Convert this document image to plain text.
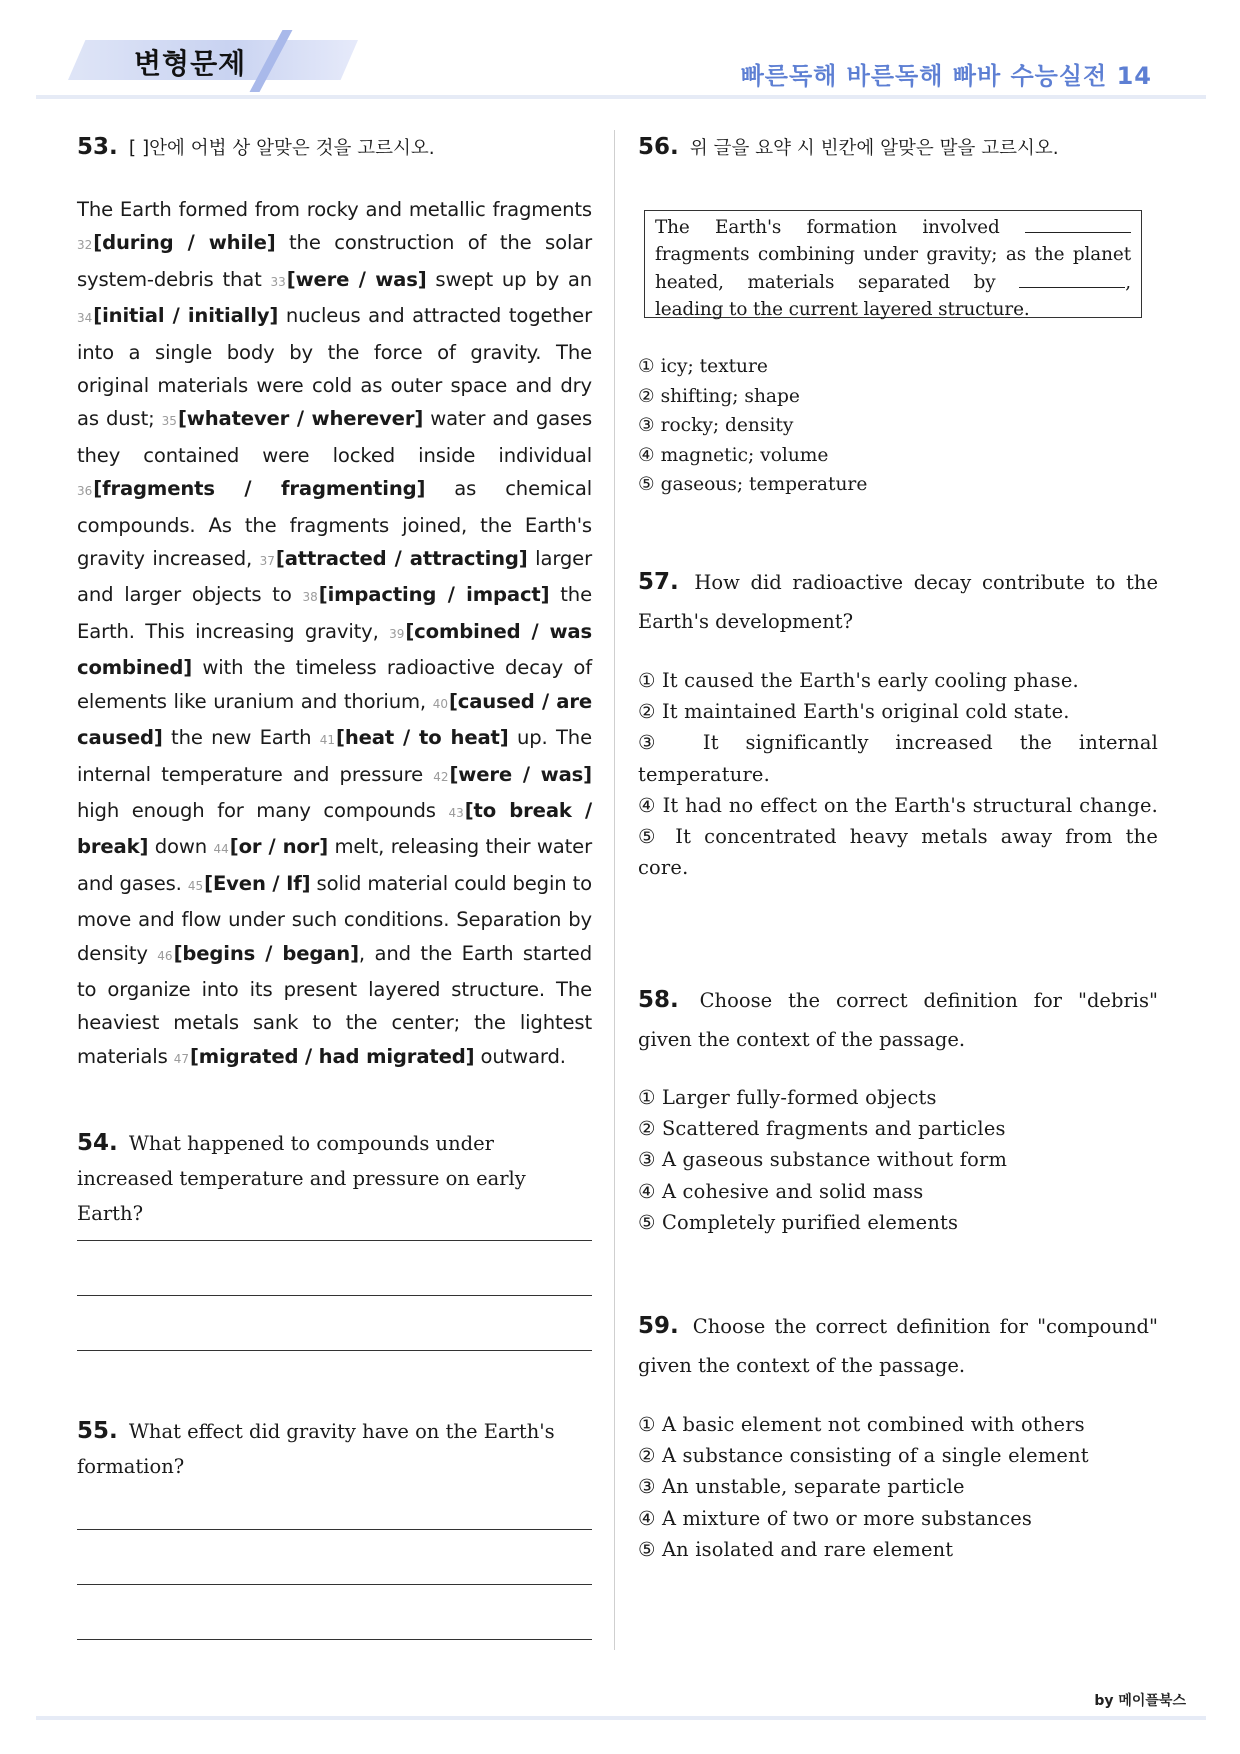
변형문제	빠른독해 바른독해 빠바 수능실전 14
53. [ ]안에 어법 상 알맞은 것을 고르시오.
The Earth formed from rocky and metallic fragments 32[during / while] the construction of the solar system-debris that 33[were / was] swept up by an 34[initial / initially] nucleus and attracted together into a single body by the force of gravity. The original materials were cold as outer space and dry as dust; 35[whatever / wherever] water and gases they contained were locked inside individual 36[fragments / fragmenting] as chemical compounds. As the fragments joined, the Earth's gravity increased, 37[attracted / attracting] larger and larger objects to 38[impacting / impact] the Earth. This increasing gravity, 39[combined / was combined] with the timeless radioactive decay of elements like uranium and thorium, 40[caused / are caused] the new Earth 41[heat / to heat] up. The internal temperature and pressure 42[were / was] high enough for many compounds 43[to break / break] down 44[or / nor] melt, releasing their water and gases. 45[Even / If] solid material could begin to move and flow under such conditions. Separation by density 46[begins / began], and the Earth started to organize into its present layered structure. The heaviest metals sank to the center; the lightest materials 47[migrated / had migrated] outward.
54. What happened to compounds under increased temperature and pressure on early Earth?
55. What effect did gravity have on the Earth's formation?
56. 위 글을 요약 시 빈칸에 알맞은 말을 고르시오.
The Earth's formation involved  fragments combining under gravity; as the planet heated, materials separated by	, leading to the current layered structure.
① icy; texture
② shifting; shape
③ rocky; density
④ magnetic; volume
⑤ gaseous; temperature
57. How did radioactive decay contribute to the Earth's development?
① It caused the Earth's early cooling phase.
② It maintained Earth's original cold state.
③ It significantly increased the internal temperature.
④ It had no effect on the Earth's structural change.
⑤ It concentrated heavy metals away from the core.
58. Choose the correct definition for "debris" given the context of the passage.
① Larger fully-formed objects
② Scattered fragments and particles
③ A gaseous substance without form
④ A cohesive and solid mass
⑤ Completely purified elements
59. Choose the correct definition for "compound" given the context of the passage.
① A basic element not combined with others
② A substance consisting of a single element
③ An unstable, separate particle
④ A mixture of two or more substances
⑤ An isolated and rare element
by 메이플북스
